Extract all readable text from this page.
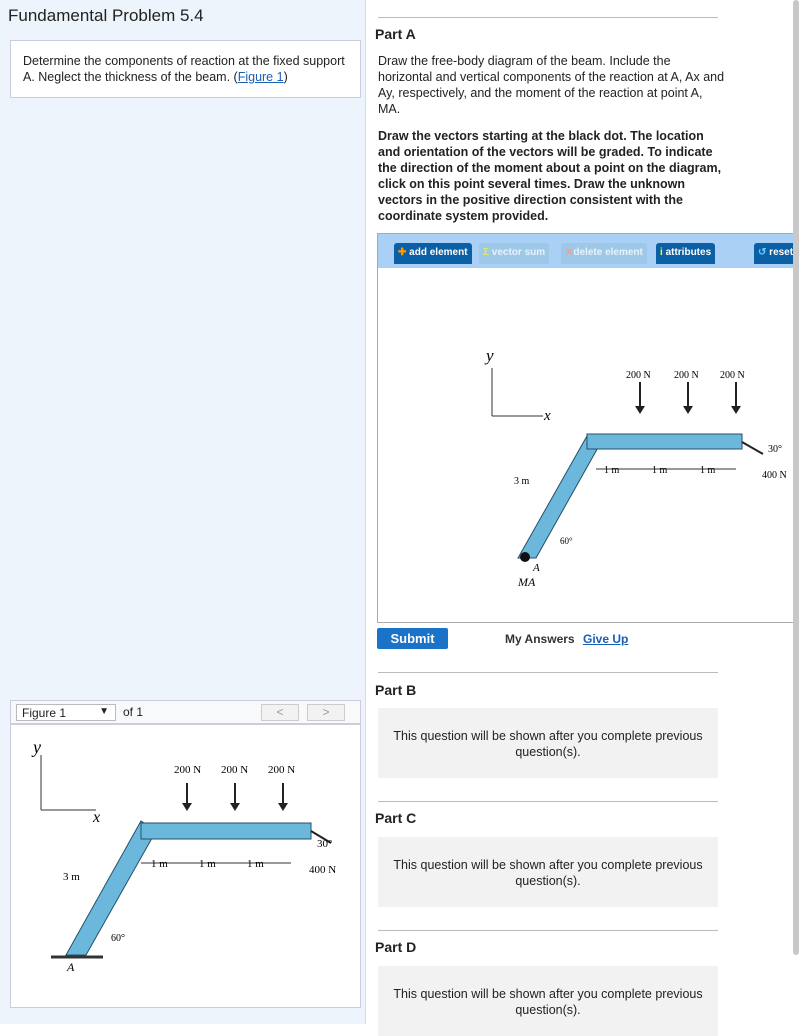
Fundamental Problem 5.4
Determine the components of reaction at the fixed support A. Neglect the thickness of the beam. (Figure 1)
Figure 1	▼ of 1	<	>
y
x
200 N 200 N 200 N
1 m	1 m	1 m
30°
400 N
3 m
60°
A
Part A
Draw the free-body diagram of the beam. Include the horizontal and vertical components of the reaction at A, Ax and Ay, respectively, and the moment of the reaction at point A, MA.
Draw the vectors starting at the black dot. The location and orientation of the vectors will be graded. To indicate the direction of the moment about a point on the diagram, click on this point several times. Draw the unknown vectors in the positive direction consistent with the coordinate system provided.
✚ add element	Σ vector sum	✕delete element	i attributes	↺ reset
y
x
200 N 200 N 200 N
1 m	1 m	1 m
30°
400 N
3 m
60°
A
MA
Submit	My Answers Give Up
Part B
This question will be shown after you complete previous question(s).
Part C
This question will be shown after you complete previous question(s).
Part D
This question will be shown after you complete previous question(s).
